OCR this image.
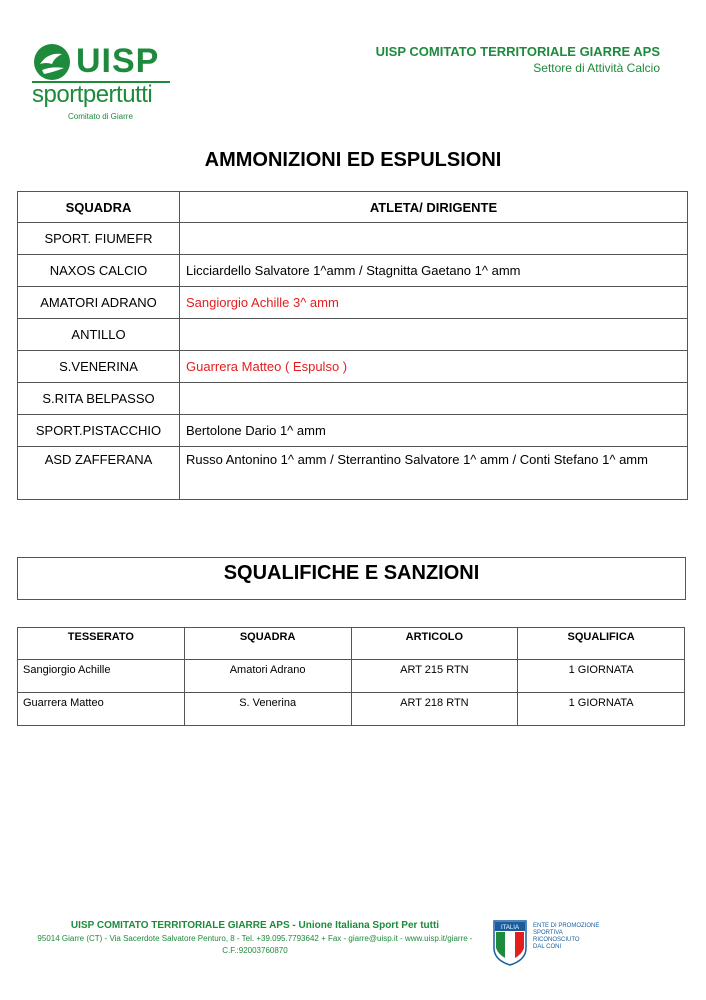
UISP
sportpertutti
Comitato di Giarre
UISP COMITATO TERRITORIALE GIARRE APS
Settore di Attività Calcio
AMMONIZIONI ED ESPULSIONI
SQUADRA	ATLETA/ DIRIGENTE
SPORT. FIUMEFR	
NAXOS CALCIO	Licciardello Salvatore 1^amm / Stagnitta Gaetano 1^ amm
AMATORI ADRANO	Sangiorgio Achille 3^ amm
ANTILLO	
S.VENERINA	Guarrera Matteo ( Espulso )
S.RITA BELPASSO	
SPORT.PISTACCHIO	Bertolone Dario 1^ amm
ASD ZAFFERANA	Russo Antonino 1^ amm / Sterrantino Salvatore 1^ amm / Conti Stefano 1^ amm
SQUALIFICHE E SANZIONI
TESSERATO	SQUADRA	ARTICOLO	SQUALIFICA
Sangiorgio Achille	Amatori Adrano	ART 215 RTN	1 GIORNATA
Guarrera Matteo	S. Venerina	ART 218 RTN	1 GIORNATA
UISP COMITATO TERRITORIALE GIARRE APS - Unione Italiana Sport Per tutti
95014 Giarre (CT) - Via Sacerdote Salvatore Penturo, 8 - Tel. +39.095.7793642 + Fax - giarre@uisp.it - www.uisp.it/giarre - C.F.:92003760870
ITALIA ENTE DI PROMOZIONE
SPORTIVA
RICONOSCIUTO
DAL CONI
